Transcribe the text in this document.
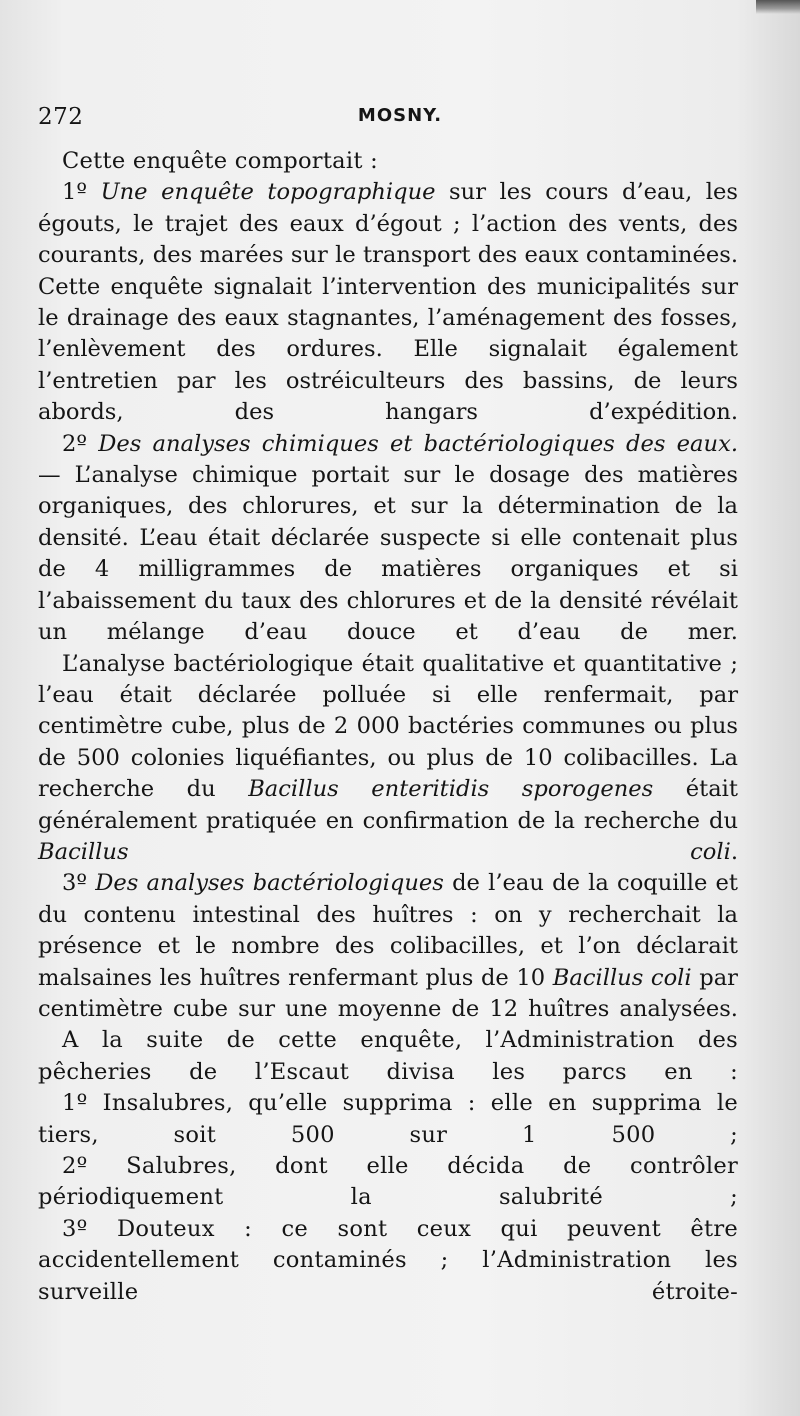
272	MOSNY.

Cette enquête comportait :

1º Une enquête topographique sur les cours d’eau, les égouts, le trajet des eaux d’égout ; l’action des vents, des courants, des marées sur le transport des eaux contaminées. Cette enquête signalait l’intervention des municipalités sur le drainage des eaux stagnantes, l’aménagement des fosses, l’enlèvement des ordures. Elle signalait également l’entretien par les ostréiculteurs des bassins, de leurs abords, des hangars d’expédition.

2º Des analyses chimiques et bactériologiques des eaux. — L’analyse chimique portait sur le dosage des matières organiques, des chlorures, et sur la détermination de la densité. L’eau était déclarée suspecte si elle contenait plus de 4 milligrammes de matières organiques et si l’abaissement du taux des chlorures et de la densité révélait un mélange d’eau douce et d’eau de mer.

L’analyse bactériologique était qualitative et quantitative ; l’eau était déclarée polluée si elle renfermait, par centimètre cube, plus de 2 000 bactéries communes ou plus de 500 colonies liquéfiantes, ou plus de 10 colibacilles. La recherche du Bacillus enteritidis sporogenes était généralement pratiquée en confirmation de la recherche du Bacillus coli.

3º Des analyses bactériologiques de l’eau de la coquille et du contenu intestinal des huîtres : on y recherchait la présence et le nombre des colibacilles, et l’on déclarait malsaines les huîtres renfermant plus de 10 Bacillus coli par centimètre cube sur une moyenne de 12 huîtres analysées.

A la suite de cette enquête, l’Administration des pêcheries de l’Escaut divisa les parcs en :

1º Insalubres, qu’elle supprima : elle en supprima le tiers, soit 500 sur 1 500 ;

2º Salubres, dont elle décida de contrôler périodiquement la salubrité ;

3º Douteux : ce sont ceux qui peuvent être accidentellement contaminés ; l’Administration les surveille étroite-
